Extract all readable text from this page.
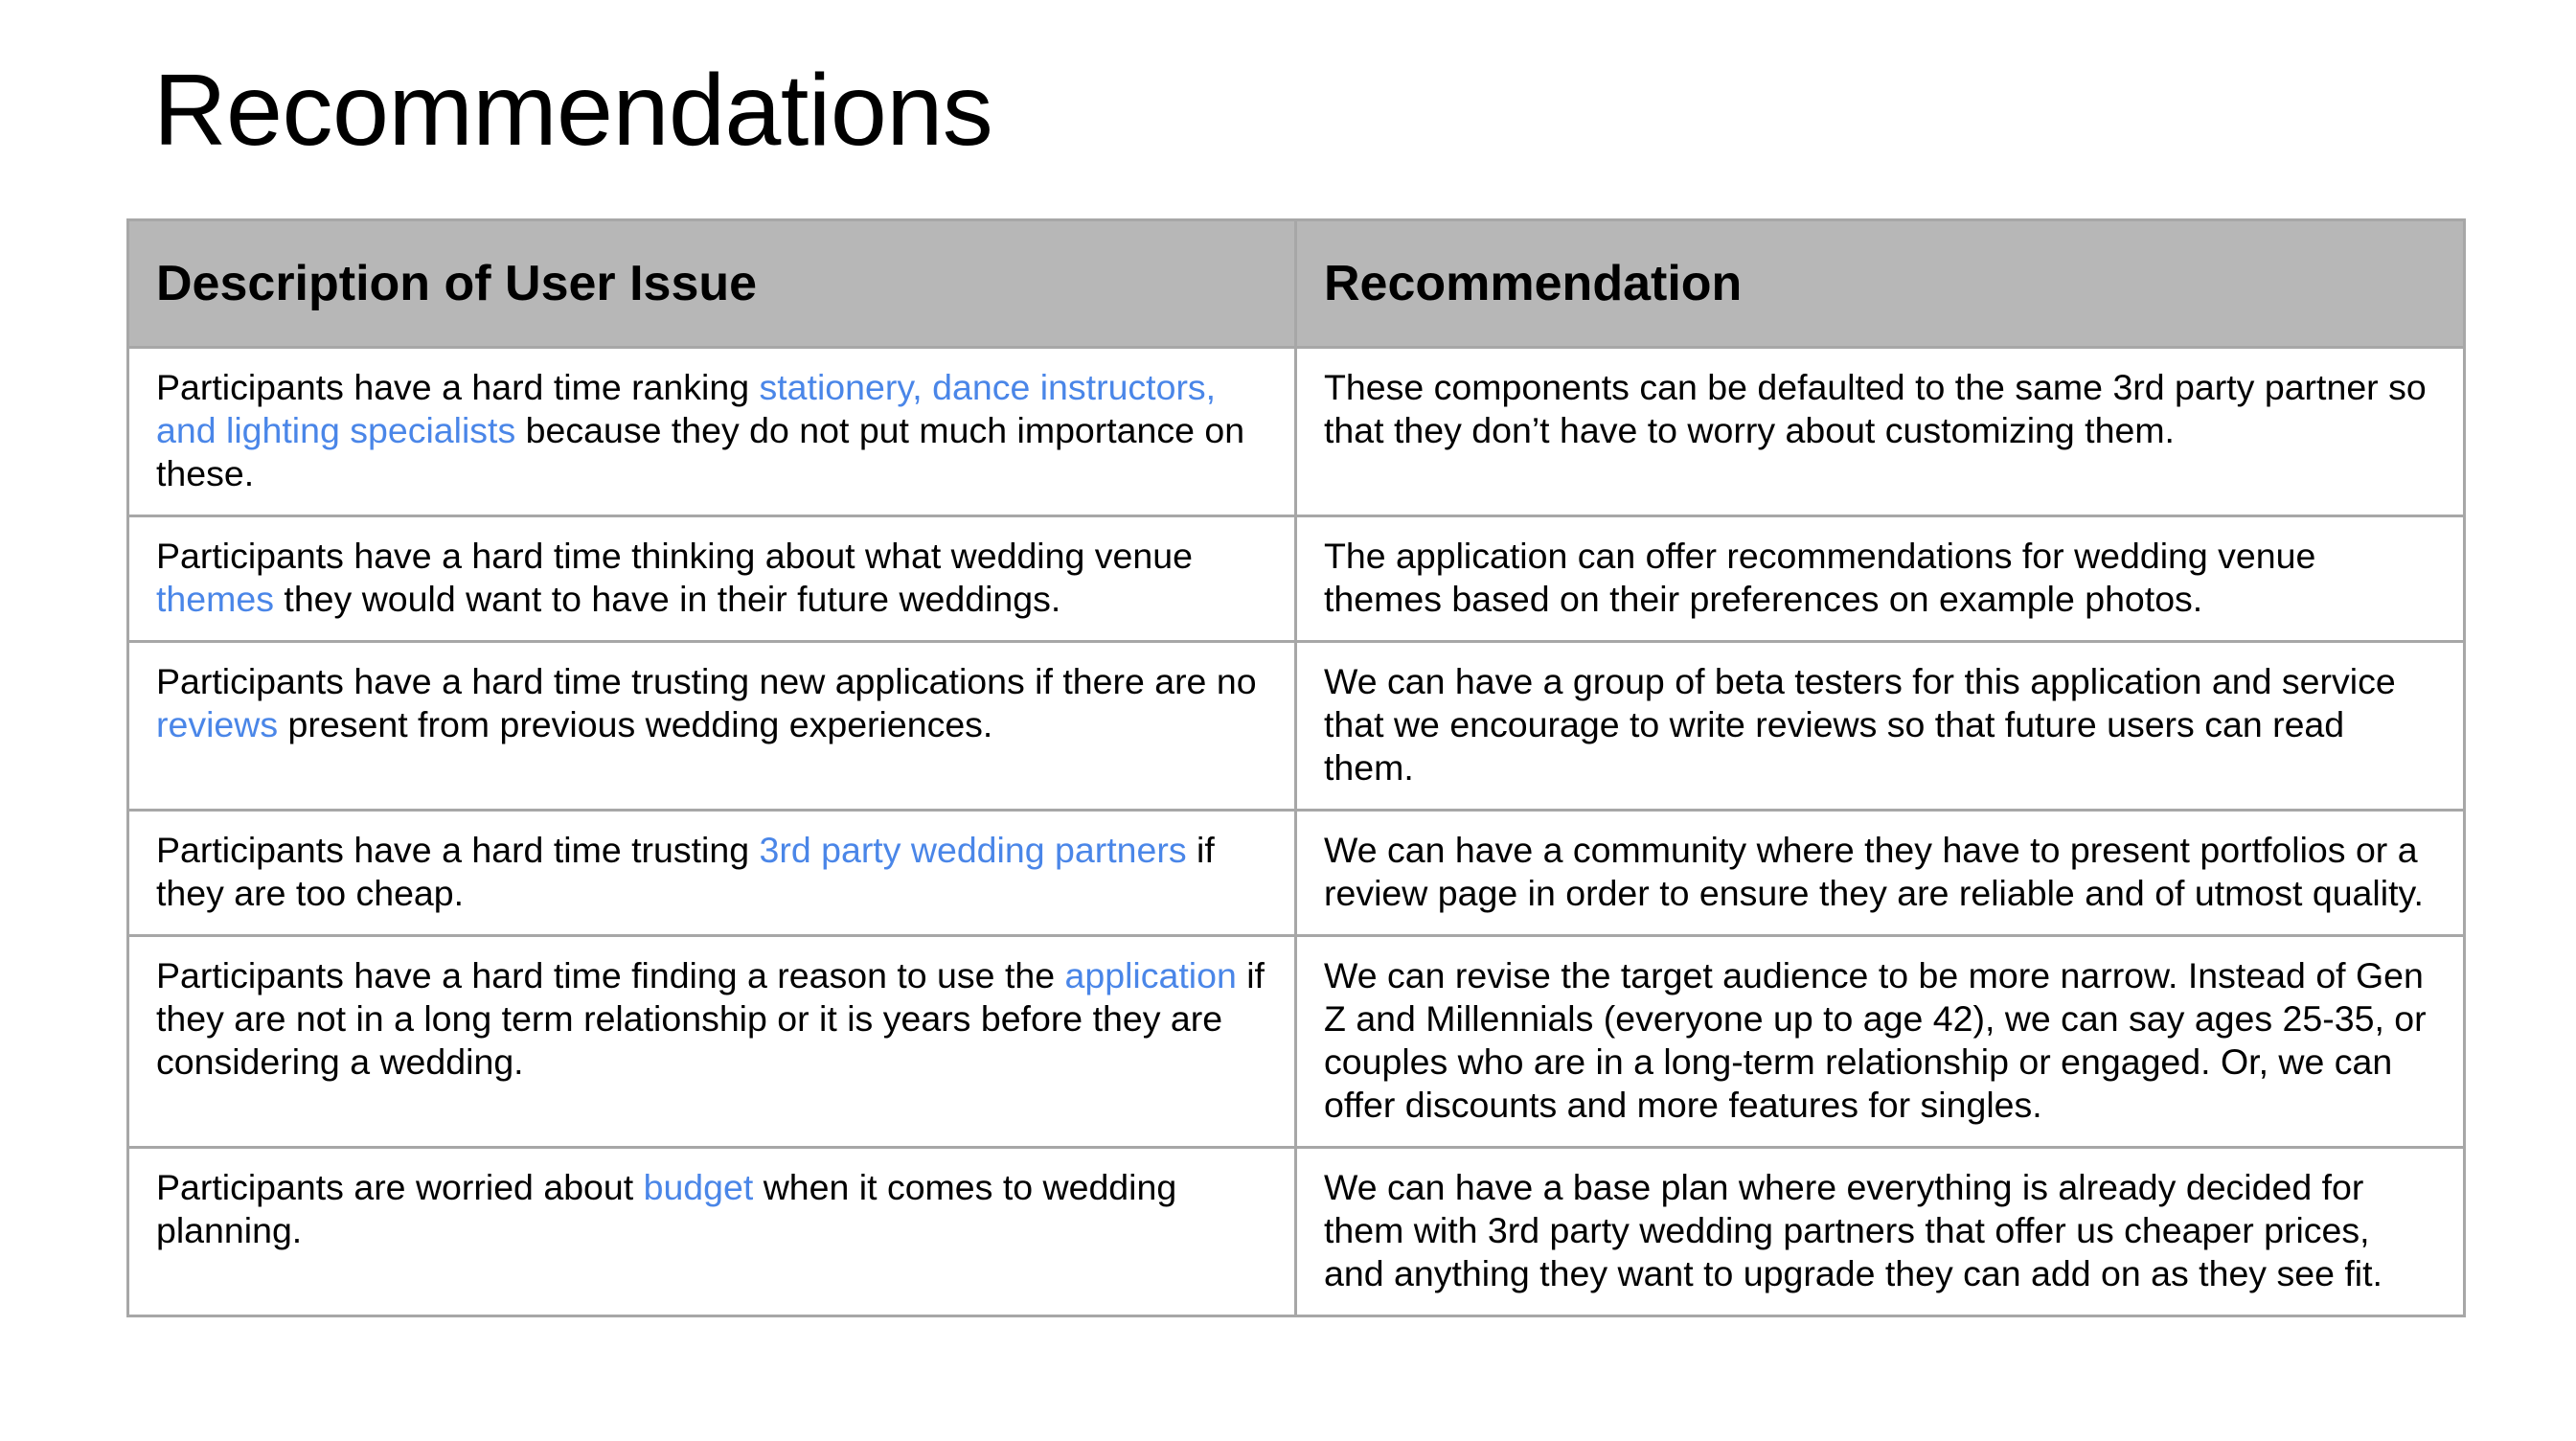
Recommendations
Description of User Issue	Recommendation
Participants have a hard time ranking stationery, dance instructors, and lighting specialists because they do not put much importance on these.	These components can be defaulted to the same 3rd party partner so that they don’t have to worry about customizing them.
Participants have a hard time thinking about what wedding venue themes they would want to have in their future weddings.	The application can offer recommendations for wedding venue themes based on their preferences on example photos.
Participants have a hard time trusting new applications if there are no reviews present from previous wedding experiences.	We can have a group of beta testers for this application and service that we encourage to write reviews so that future users can read them.
Participants have a hard time trusting 3rd party wedding partners if they are too cheap.	We can have a community where they have to present portfolios or a review page in order to ensure they are reliable and of utmost quality.
Participants have a hard time finding a reason to use the application if they are not in a long term relationship or it is years before they are considering a wedding.	We can revise the target audience to be more narrow. Instead of Gen Z and Millennials (everyone up to age 42), we can say ages 25-35, or couples who are in a long-term relationship or engaged. Or, we can offer discounts and more features for singles.
Participants are worried about budget when it comes to wedding planning.	We can have a base plan where everything is already decided for them with 3rd party wedding partners that offer us cheaper prices, and anything they want to upgrade they can add on as they see fit.
